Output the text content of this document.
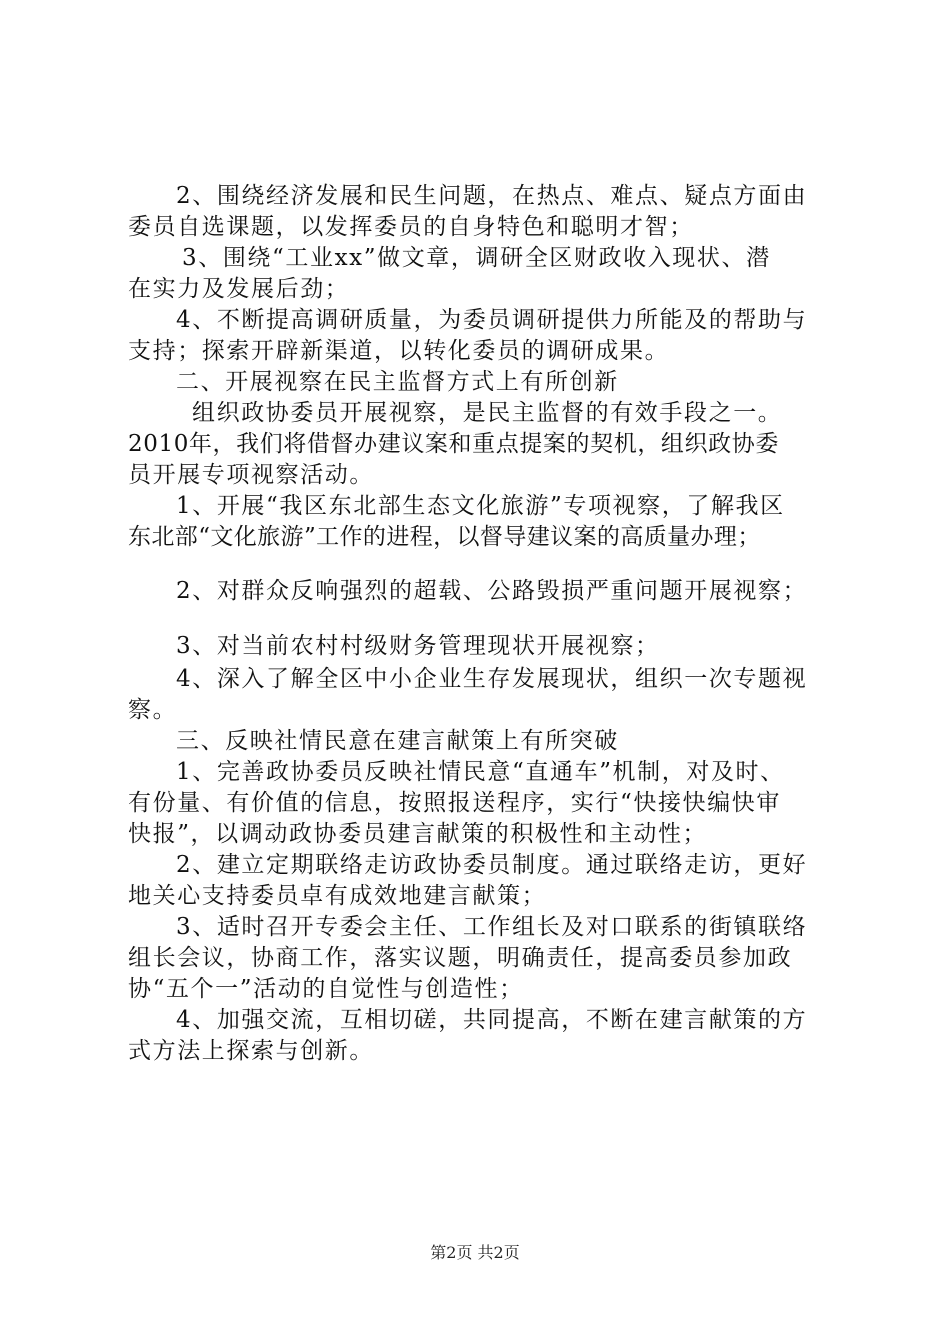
2、围绕经济发展和民生问题，在热点、难点、疑点方面由
委员自选课题，以发挥委员的自身特色和聪明才智；
3、围绕“工业xx”做文章，调研全区财政收入现状、潜
在实力及发展后劲；
4、不断提高调研质量，为委员调研提供力所能及的帮助与
支持；探索开辟新渠道，以转化委员的调研成果。
二、开展视察在民主监督方式上有所创新
组织政协委员开展视察，是民主监督的有效手段之一。
2010年，我们将借督办建议案和重点提案的契机，组织政协委
员开展专项视察活动。
1、开展“我区东北部生态文化旅游”专项视察，了解我区
东北部“文化旅游”工作的进程，以督导建议案的高质量办理；
2、对群众反响强烈的超载、公路毁损严重问题开展视察；
3、对当前农村村级财务管理现状开展视察；
4、深入了解全区中小企业生存发展现状，组织一次专题视
察。
三、反映社情民意在建言献策上有所突破
1、完善政协委员反映社情民意“直通车”机制，对及时、
有份量、有价值的信息，按照报送程序，实行“快接快编快审
快报”，以调动政协委员建言献策的积极性和主动性；
2、建立定期联络走访政协委员制度。通过联络走访，更好
地关心支持委员卓有成效地建言献策；
3、适时召开专委会主任、工作组长及对口联系的街镇联络
组长会议，协商工作，落实议题，明确责任，提高委员参加政
协“五个一”活动的自觉性与创造性；
4、加强交流，互相切磋，共同提高，不断在建言献策的方
式方法上探索与创新。
第2页 共2页
